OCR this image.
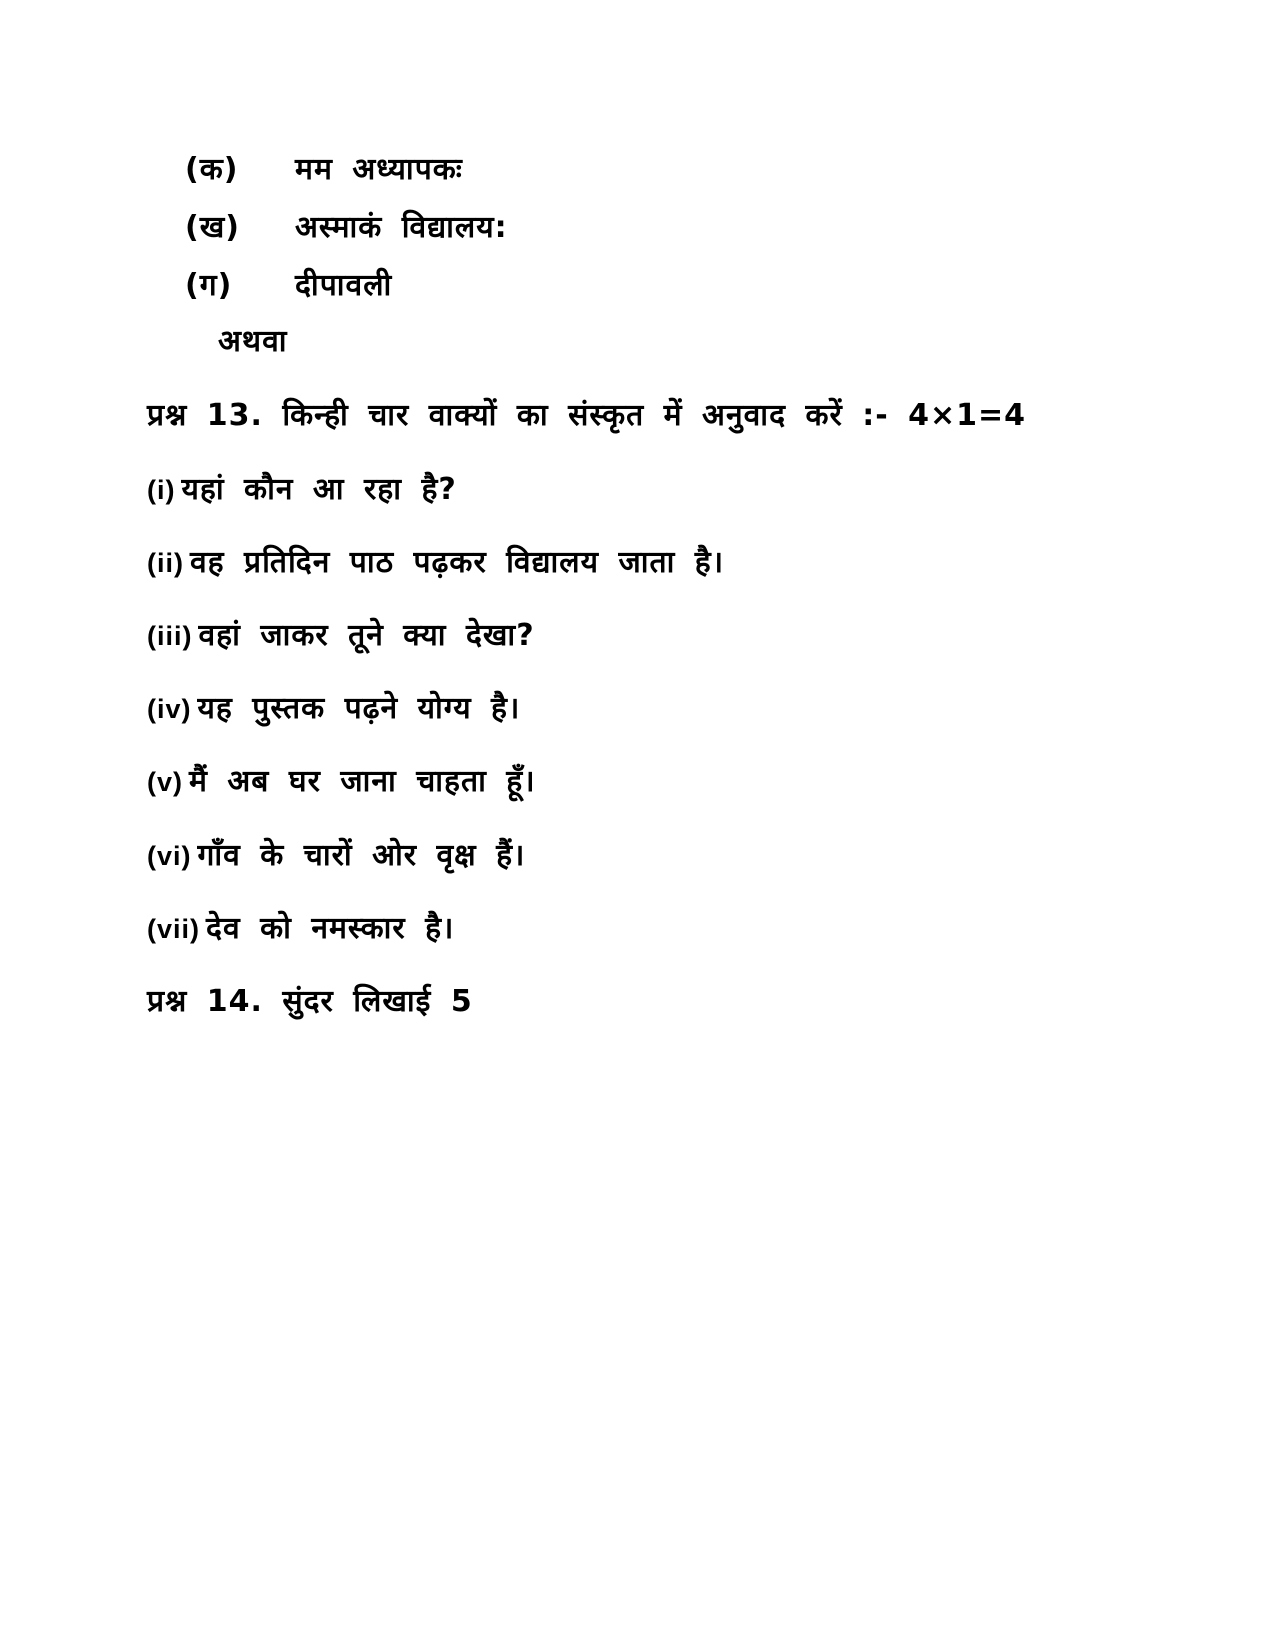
(क) मम अध्यापकः
(ख) अस्माकं विद्यालय:
(ग) दीपावली
अथवा
प्रश्न 13. किन्ही चार वाक्यों का संस्कृत में अनुवाद करें :- 4×1=4
(i) यहां कौन आ रहा है?
(ii) वह प्रतिदिन पाठ पढ़कर विद्यालय जाता है।
(iii) वहां जाकर तूने क्या देखा?
(iv) यह पुस्तक पढ़ने योग्य है।
(v) मैं अब घर जाना चाहता हूँ।
(vi) गाँव के चारों ओर वृक्ष हैं।
(vii) देव को नमस्कार है।
प्रश्न 14. सुंदर लिखाई 5
